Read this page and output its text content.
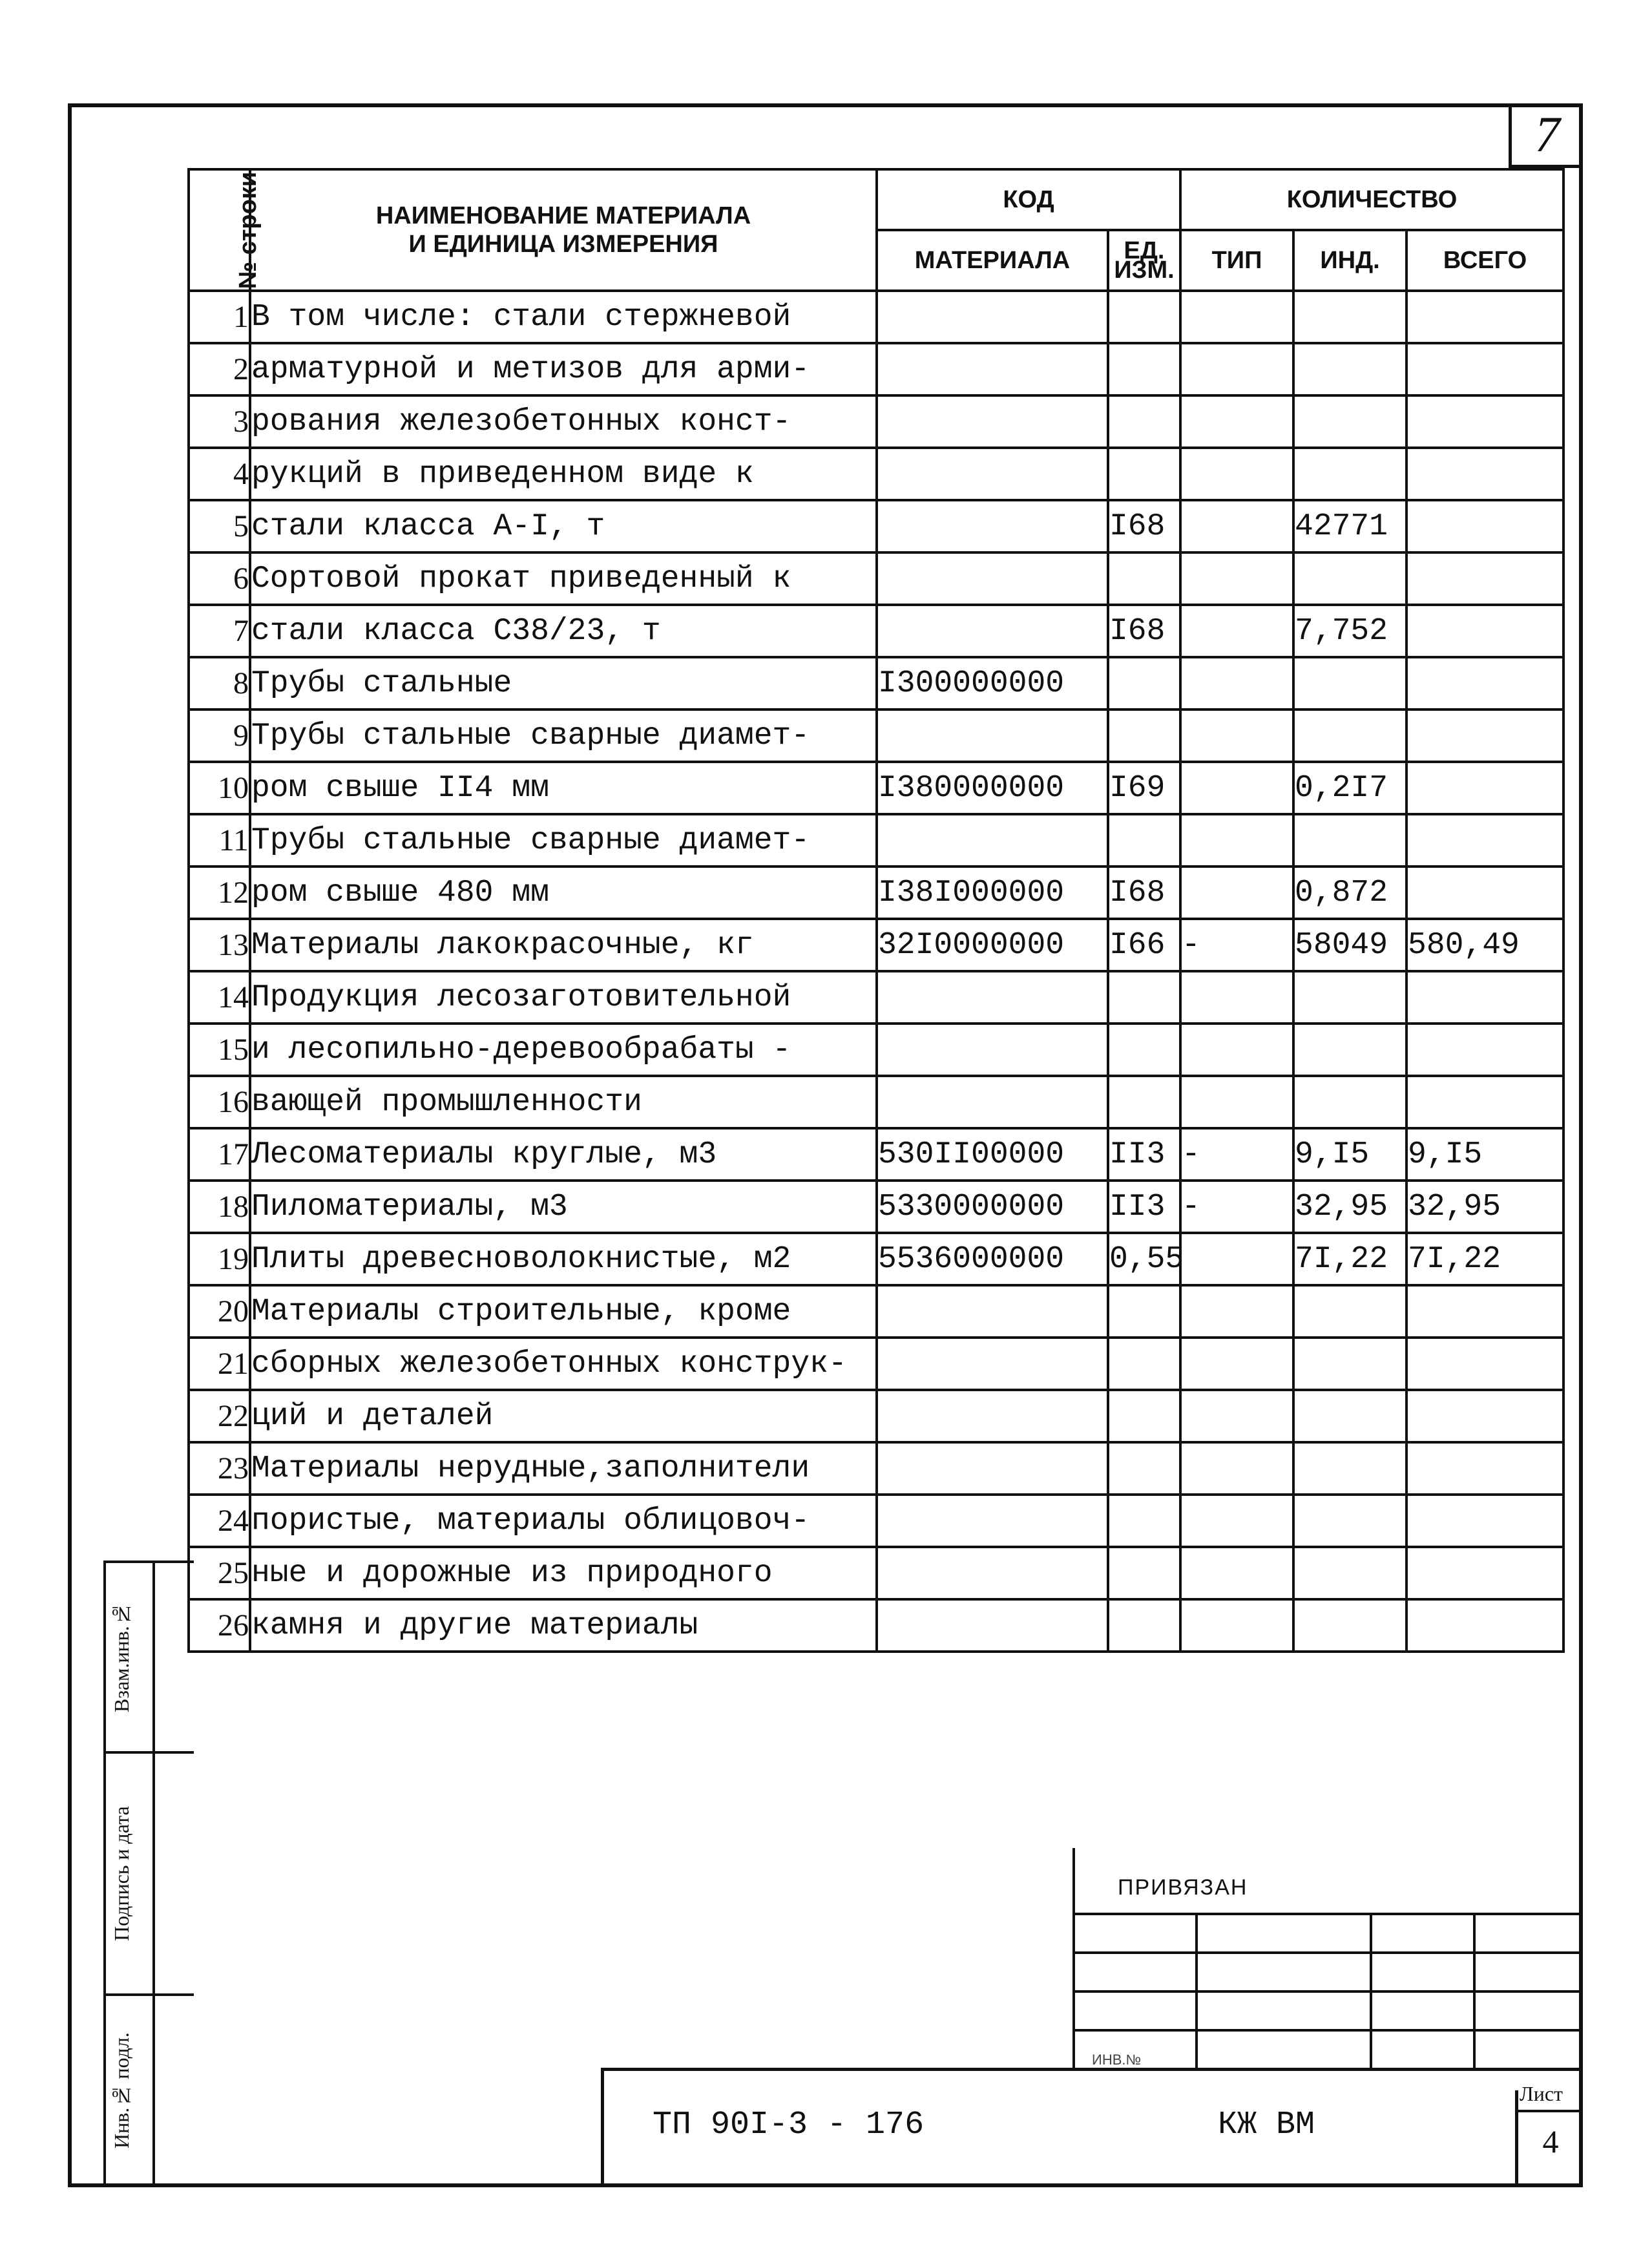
7
Взам.инв.№
Подпись и дата
Инв.№ подл.
№ строки	НАИМЕНОВАНИЕ МАТЕРИАЛА
И ЕДИНИЦА ИЗМЕРЕНИЯ	КОД		КОЛИЧЕСТВО		
		МАТЕРИАЛА	ЕД.
ИЗМ.	ТИП	ИНД.	ВСЕГО
1	В том числе: стали стержневой					
2	арматурной и метизов для арми-					
3	рования железобетонных конст-					
4	рукций в приведенном виде к					
5	стали класса А-I, т		I68		42771	
6	Сортовой прокат приведенный к					
7	стали класса С38/23, т		I68		7,752	
8	Трубы стальные	I300000000				
9	Трубы стальные сварные диамет-					
10	ром свыше II4 мм	I380000000	I69		0,2I7	
11	Трубы стальные сварные диамет-					
12	ром свыше 480 мм	I38I000000	I68		0,872	
13	Материалы лакокрасочные, кг	32I0000000	I66	-	58049	580,49
14	Продукция лесозаготовительной					
15	и лесопильно-деревообрабаты -					
16	вающей промышленности					
17	Лесоматериалы круглые, м3	530II00000	II3	-	9,I5	9,I5
18	Пиломатериалы, м3	5330000000	II3	-	32,95	32,95
19	Плиты древесноволокнистые, м2	5536000000	0,55		7I,22	7I,22
20	Материалы строительные, кроме					
21	сборных железобетонных конструк-					
22	ций и деталей					
23	Материалы нерудные,заполнители					
24	пористые, материалы облицовоч-					
25	ные и дорожные из природного					
26	камня и другие материалы					
ПРИВЯЗАН
ИНВ.№
ТП 90I-3 - 176	КЖ ВМ
Лист
4
